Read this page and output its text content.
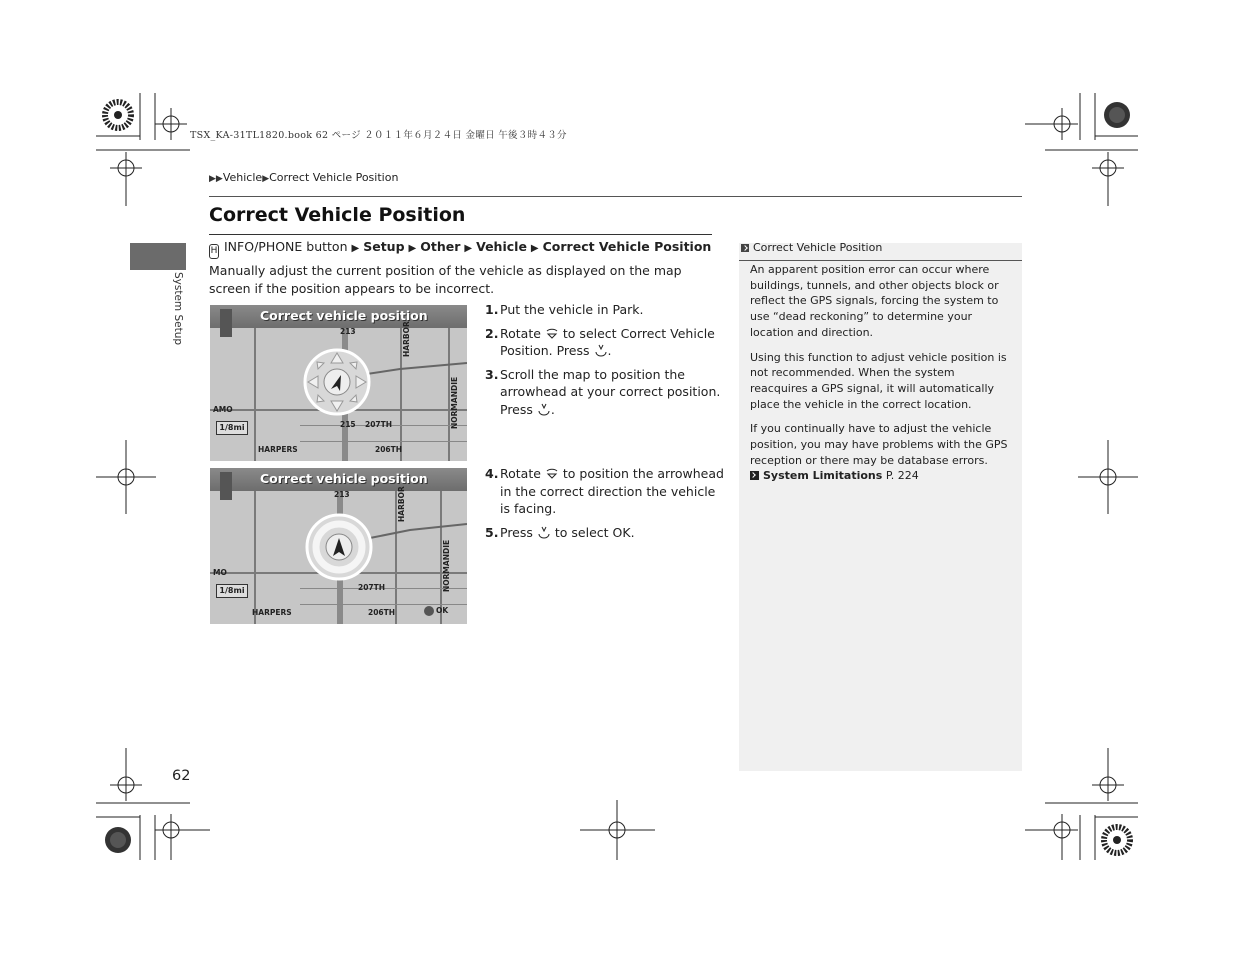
TSX_KA-31TL1820.book 62 ページ ２０１１年６月２４日 金曜日 午後３時４３分
▶▶Vehicle▶Correct Vehicle Position
System Setup
Correct Vehicle Position
H INFO/PHONE button ▶ Setup ▶ Other ▶ Vehicle ▶ Correct Vehicle Position
Manually adjust the current position of the vehicle as displayed on the map screen if the position appears to be incorrect.
Correct vehicle position
213	HARBOR
NORMANDIE
AMO
1/8mi
HARPERS	206TH
207TH
215
Correct vehicle position
213	HARBOR
NORMANDIE
MO
1/8mi
HARPERS	206TH
207TH
OK
1. Put the vehicle in Park.
2. Rotate to select Correct Vehicle Position. Press .
3. Scroll the map to position the arrowhead at your correct position. Press .
4. Rotate to position the arrowhead in the correct direction the vehicle is facing.
5. Press to select OK.
Correct Vehicle Position

An apparent position error can occur where buildings, tunnels, and other objects block or reflect the GPS signals, forcing the system to use “dead reckoning” to determine your location and direction.

Using this function to adjust vehicle position is not recommended. When the system reacquires a GPS signal, it will automatically place the vehicle in the correct location.

If you continually have to adjust the vehicle position, you may have problems with the GPS reception or there may be database errors.

System Limitations P. 224
62
